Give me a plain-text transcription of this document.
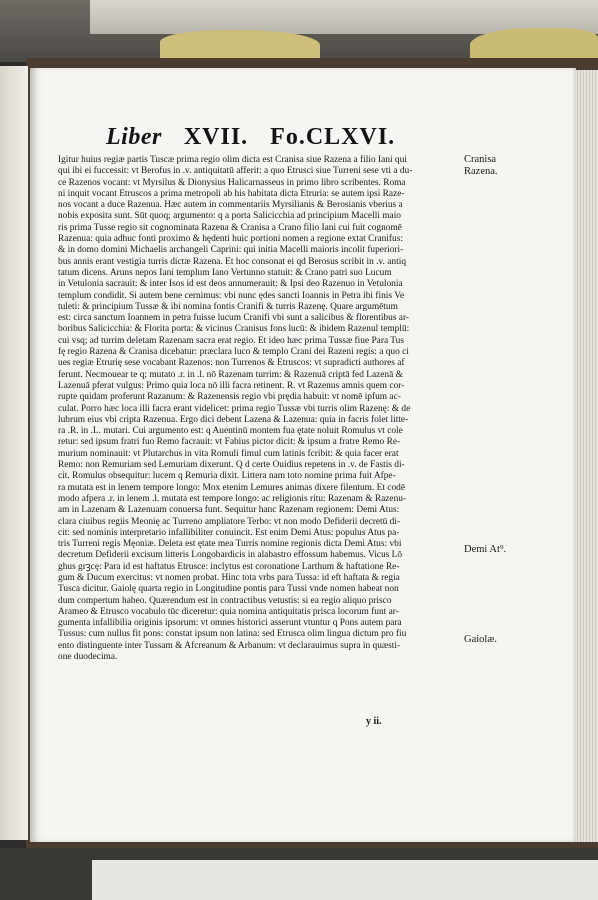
Liber XVII. Fo.CLXVI.
Igitur huius regiæ partis Tuscæ prima regio olim dicta est Cranisa siue Razena a filio Iani qui
qui ibi ei fuccessit: vt Berofus in .v. antiquitatū afferit: a quo Etrusci siue Turreni sese vti a du-
ce Razenos vocant: vt Myrsilus & Dionysius Halicarnasseus in primo libro scribentes. Roma
ni inquit vocant Etruscos a prima metropoli ab his habitata dicta Etruria: se autem ipsi Raze-
nos vocant a duce Razenua. Hæc autem in commentariis Myrsilianis & Berosianis vberius a
nobis exposita sunt. Sūt quoq; argumento: q a porta Salicicchia ad principium Macelli maio
ris prima Tusse regio sit cognominata Razena & Cranisa a Crano filio Iani cui fuit cognomē
Razenua: quia adhuc fonti proximo & hędenti huic portioni nomen a regione extat Cranifus:
& in domo domini Michaelis archangeli Caprini: qui initia Macelli maioris incolit fuperiori-
bus annis erant vestigia turris dictæ Razena. Et hoc consonat ei qd Berosus scribit in .v. antiq
tatum dicens. Aruns nepos Iani templum Iano Vertunno statuit: & Crano patri suo Lucum
in Vetulonia sacrauit: & inter Isos id est deos annumerauit: & Ipsi deo Razenuo in Vetulonia
templum condidit. Si autem bene cernimus: vbi nunc ędes sancti Ioannis in Petra ibi finis Ve
tuleti: & principium Tussæ & ibi nomina fontis Cranifi & turris Razenę. Quare argumētum
est: circa sanctum Ioannem in petra fuisse lucum Cranifi vbi sunt a salicibus & florentibus ar-
boribus Salicicchia: & Florita porta: & vicinus Cranisus fons lucū: & ibidem Razenul templū:
cui vsq; ad turrim deletam Razenam sacra erat regio. Et ideo hæc prima Tussæ fiue Para Tus
fę regio Razena & Cranisa dicebatur: præclara luco & templo Crani dei Razeni regis: a quo ci
ues regiæ Etrurię sese vocabant Razenos: non Turrenos & Etruscos: vt supradicti authores af
ferunt. Necmouear te q; mutato .r. in .l. nō Razenam turrim: & Razenuā criptā fed Lazenā &
Lazenuā pferat vulgus: Primo quia loca nō illi facra retinent. R. vt Razenus amnis quem cor-
rupte quidam proferunt Razanum: & Razenensis regio vbi prędia habuit: vt nomē ipfum ac-
culat. Porro hæc loca illi facra erant videlicet: prima regio Tussæ vbi turris olim Razenę: & de
lubrum eius vbi cripta Razenua. Ergo dici debent Lazena & Lazenua: quia in facris folet litte-
ra .R. in .L. mutari. Cui argumento est: q Auentinū montem fua ętate noluit Romulus vt cole
retur: sed ipsum fratri fuo Remo facrauit: vt Fabius pictor dicit: & ipsum a fratre Remo Re-
murium nominauit: vt Plutarchus in vita Romuli fimul cum latinis fcribit: & quia facer erat
Remo: non Remuriam sed Lemuriam dixerunt. Q d certe Ouidius repetens in .v. de Fastis di-
cit. Romulus obsequitur: lucem q Remuria dixit. Littera nam toto nomine prima fuit Afpe-
ra mutata est in lenem tempore longo: Mox etenim Lemures animas dixere filentum. Et codē
modo afpera .r. in lenem .l. mutata est tempore longo: ac religionis ritu: Razenam & Razenu-
am in Lazenam & Lazenuam conuersa funt. Sequitur hanc Razenam regionem: Demi Atus:
clara ciuibus regiis Meonię ac Turreno ampliatore Terbo: vt non modo Defiderii decretū di-
cit: sed nominis interpretario infallibiliter conuincit. Est enim Demi Atus: populus Atus pa-
tris Turreni regis Męoniæ. Deleta est ętate mea Turris nomine regionis dicta Demi Atus: vbi
decretum Defiderii excisum litteris Longobardicis in alabastro effossum habemus. Vicus Lō
ghus grꝫcę: Para id est haftatus Etrusce: inclytus est coronatione Larthum & haftatione Re-
gum & Ducum exercitus: vt nomen probat. Hinc tota vrbs para Tussa: id eft haftata & regia
Tusca dicitur. Gaiolę quarta regio in Longitudine pontis para Tussi vnde nomen habeat non
dum compertum habeo. Quærendum est in contractibus vetustis: si ea regio aliquo prisco
Arameo & Etrusco vocabulo tūc diceretur: quia nomina antiquitatis prisca locorum funt ar-
gumenta infallibilia originis ipsorum: vt omnes historici asserunt vtuntur q Pons autem para
Tussus: cum nullus fit pons: constat ipsum non latina: sed Etrusca olim lingua dictum pro fiu
ento distinguente inter Tussam & Afcreanum & Arbanum: vt declarauimus supra in quæsti-
one duodecima.
Cranisa
Razena.
Demi At⁹.
Gaiolæ.
y ii.
